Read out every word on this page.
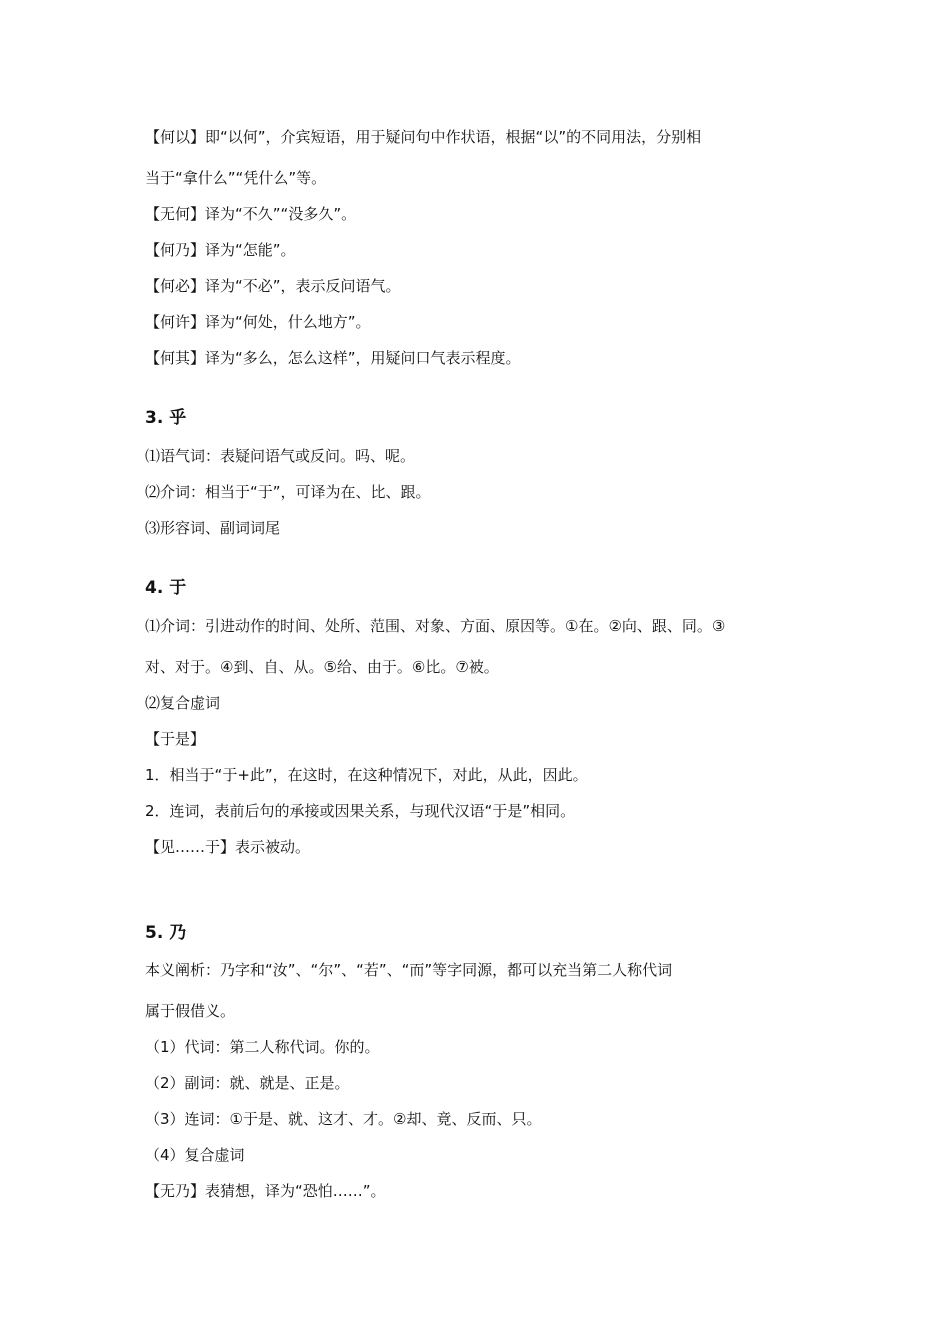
【何以】即“以何”，介宾短语，用于疑问句中作状语，根据“以”的不同用法，分别相
当于“拿什么”“凭什么”等。
【无何】译为“不久”“没多久”。
【何乃】译为“怎能”。
【何必】译为“不必”，表示反问语气。
【何许】译为“何处，什么地方”。
【何其】译为“多么，怎么这样”，用疑问口气表示程度。
3. 乎
⑴语气词：表疑问语气或反问。吗、呢。
⑵介词：相当于“于”，可译为在、比、跟。
⑶形容词、副词词尾
4. 于
⑴介词：引进动作的时间、处所、范围、对象、方面、原因等。①在。②向、跟、同。③
对、对于。④到、自、从。⑤给、由于。⑥比。⑦被。
⑵复合虚词
【于是】
1．相当于“于+此”，在这时，在这种情况下，对此，从此，因此。
2．连词，表前后句的承接或因果关系，与现代汉语“于是”相同。
【见……于】表示被动。
5. 乃
本义阐析：乃字和“汝”、“尔”、“若”、“而”等字同源，都可以充当第二人称代词
属于假借义。
（1）代词：第二人称代词。你的。
（2）副词：就、就是、正是。
（3）连词：①于是、就、这才、才。②却、竟、反而、只。
（4）复合虚词
【无乃】表猜想，译为“恐怕……”。
